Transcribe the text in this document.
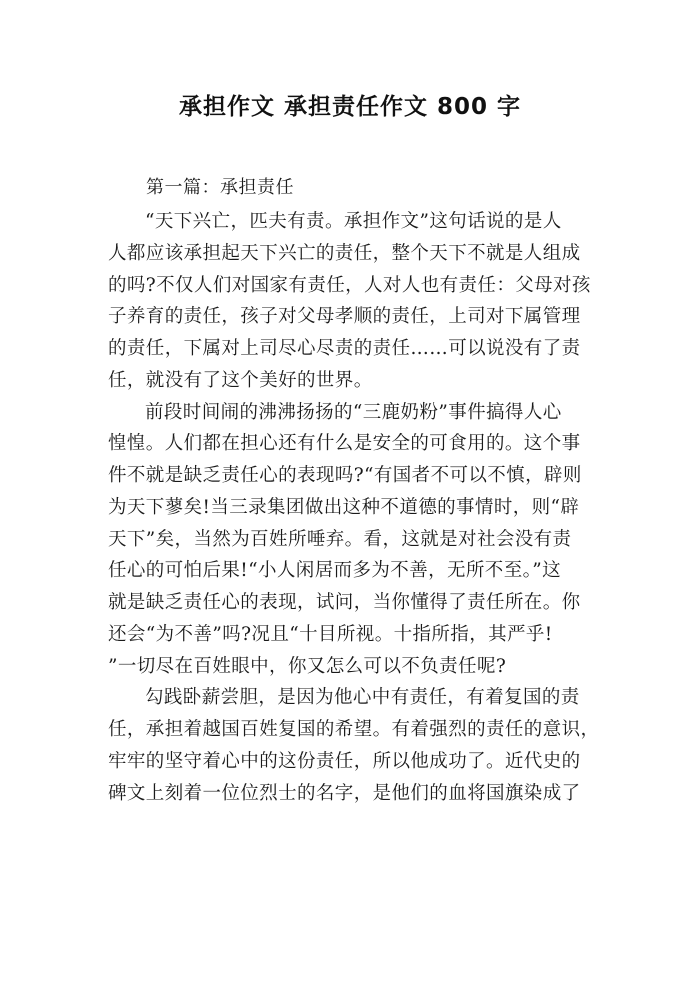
承担作文 承担责任作文 800 字
第一篇：承担责任
“天下兴亡，匹夫有责。承担作文”这句话说的是人
人都应该承担起天下兴亡的责任，整个天下不就是人组成
的吗?不仅人们对国家有责任，人对人也有责任：父母对孩
子养育的责任，孩子对父母孝顺的责任，上司对下属管理
的责任，下属对上司尽心尽责的责任……可以说没有了责
任，就没有了这个美好的世界。
前段时间闹的沸沸扬扬的“三鹿奶粉”事件搞得人心
惶惶。人们都在担心还有什么是安全的可食用的。这个事
件不就是缺乏责任心的表现吗?“有国者不可以不慎，辟则
为天下蓼矣!当三录集团做出这种不道德的事情时，则“辟
天下”矣，当然为百姓所唾弃。看，这就是对社会没有责
任心的可怕后果!“小人闲居而多为不善，无所不至。”这
就是缺乏责任心的表现，试问，当你懂得了责任所在。你
还会“为不善”吗?况且“十目所视。十指所指，其严乎!
”一切尽在百姓眼中，你又怎么可以不负责任呢?
勾践卧薪尝胆，是因为他心中有责任，有着复国的责
任，承担着越国百姓复国的希望。有着强烈的责任的意识，
牢牢的坚守着心中的这份责任，所以他成功了。近代史的
碑文上刻着一位位烈士的名字，是他们的血将国旗染成了
